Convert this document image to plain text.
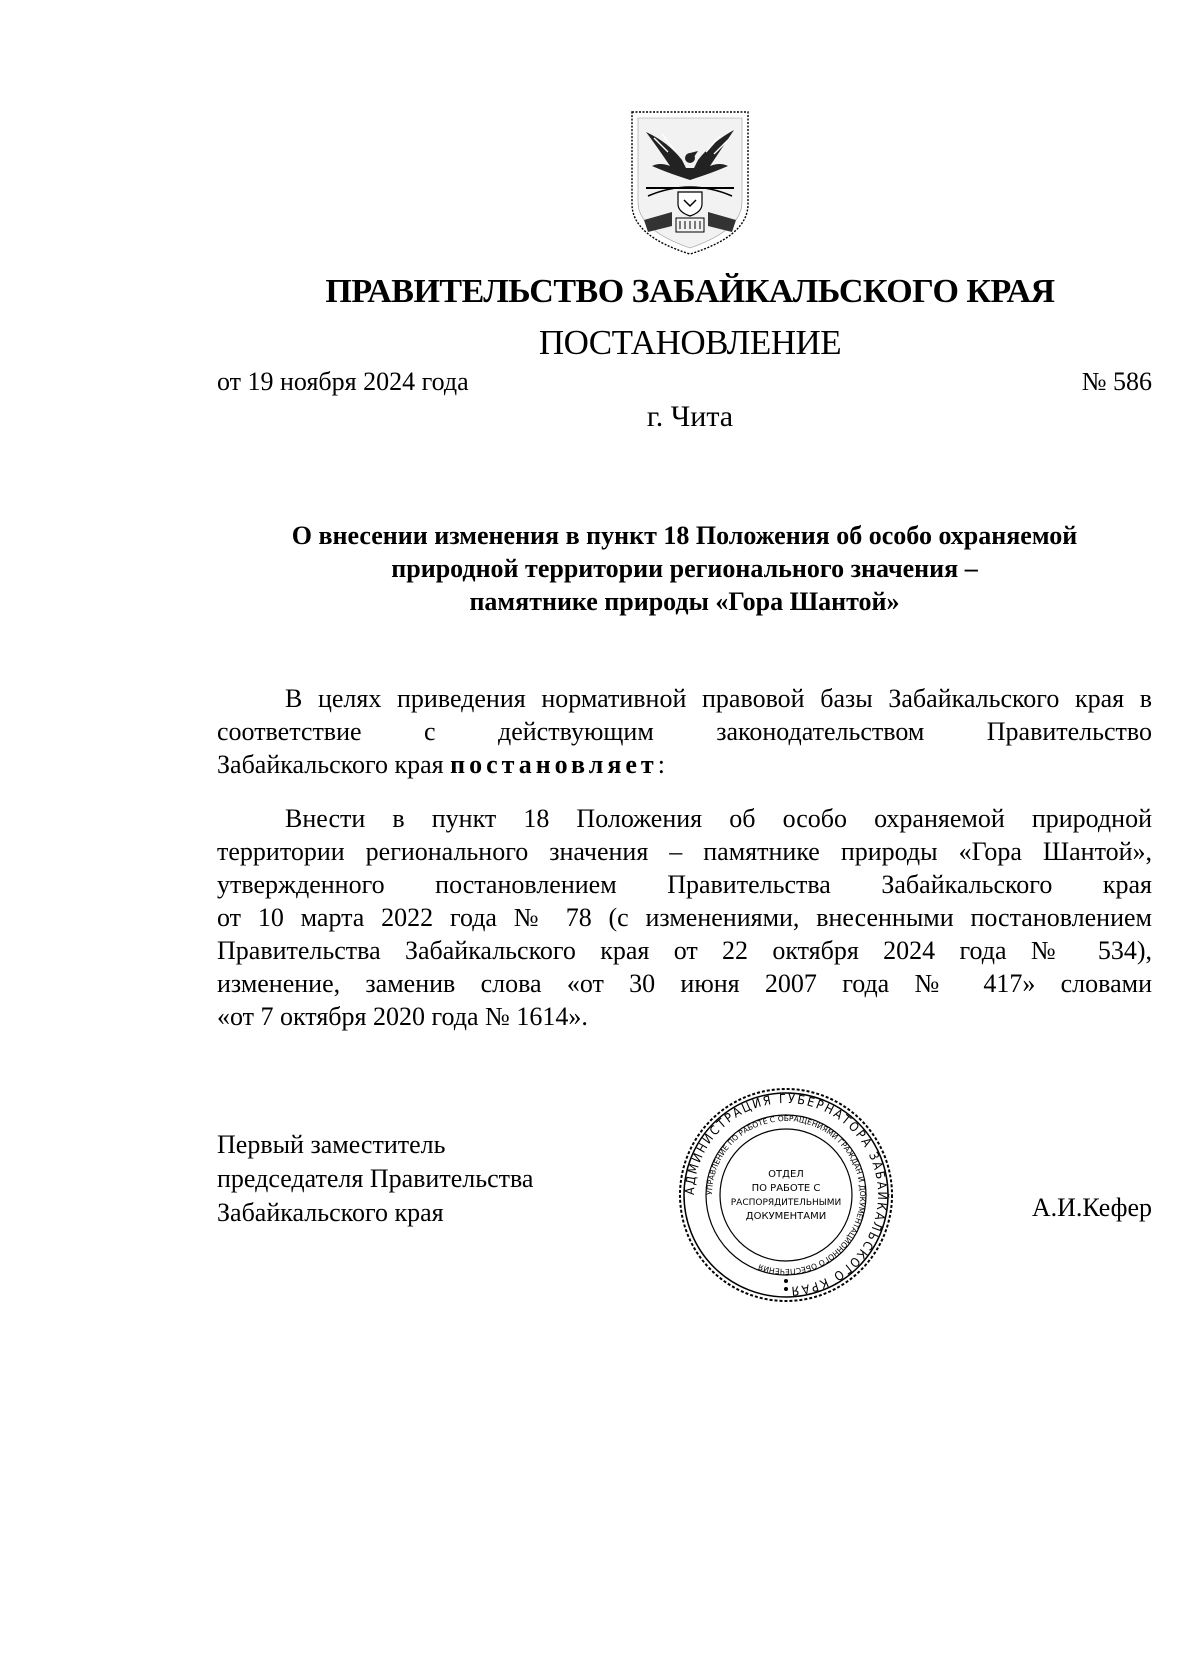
ПРАВИТЕЛЬСТВО ЗАБАЙКАЛЬСКОГО КРАЯ
ПОСТАНОВЛЕНИЕ
от 19 ноября 2024 года	№ 586
г. Чита
О внесении изменения в пункт 18 Положения об особо охраняемой
природной территории регионального значения –
памятнике природы «Гора Шантой»
В целях приведения нормативной правовой базы Забайкальского края в
соответствие с действующим законодательством Правительство
Забайкальского края постановляет:
Внести в пункт 18 Положения об особо охраняемой природной
территории регионального значения – памятнике природы «Гора Шантой»,
утвержденного постановлением Правительства Забайкальского края
от 10 марта 2022 года № 78 (с изменениями, внесенными постановлением
Правительства Забайкальского края от 22 октября 2024 года № 534),
изменение, заменив слова «от 30 июня 2007 года № 417» словами
«от 7 октября 2020 года № 1614».
Первый заместитель
председателя Правительства
Забайкальского края
АДМИНИСТРАЦИЯ ГУБЕРНАТОРА ЗАБАЙКАЛЬСКОГО КРАЯ
УПРАВЛЕНИЕ ПО РАБОТЕ С ОБРАЩЕНИЯМИ ГРАЖДАН И ДОКУМЕНТАЦИОННОГО ОБЕСПЕЧЕНИЯ
ОТДЕЛ
ПО РАБОТЕ С
РАСПОРЯДИТЕЛЬНЫМИ
ДОКУМЕНТАМИ	А.И.Кефер
